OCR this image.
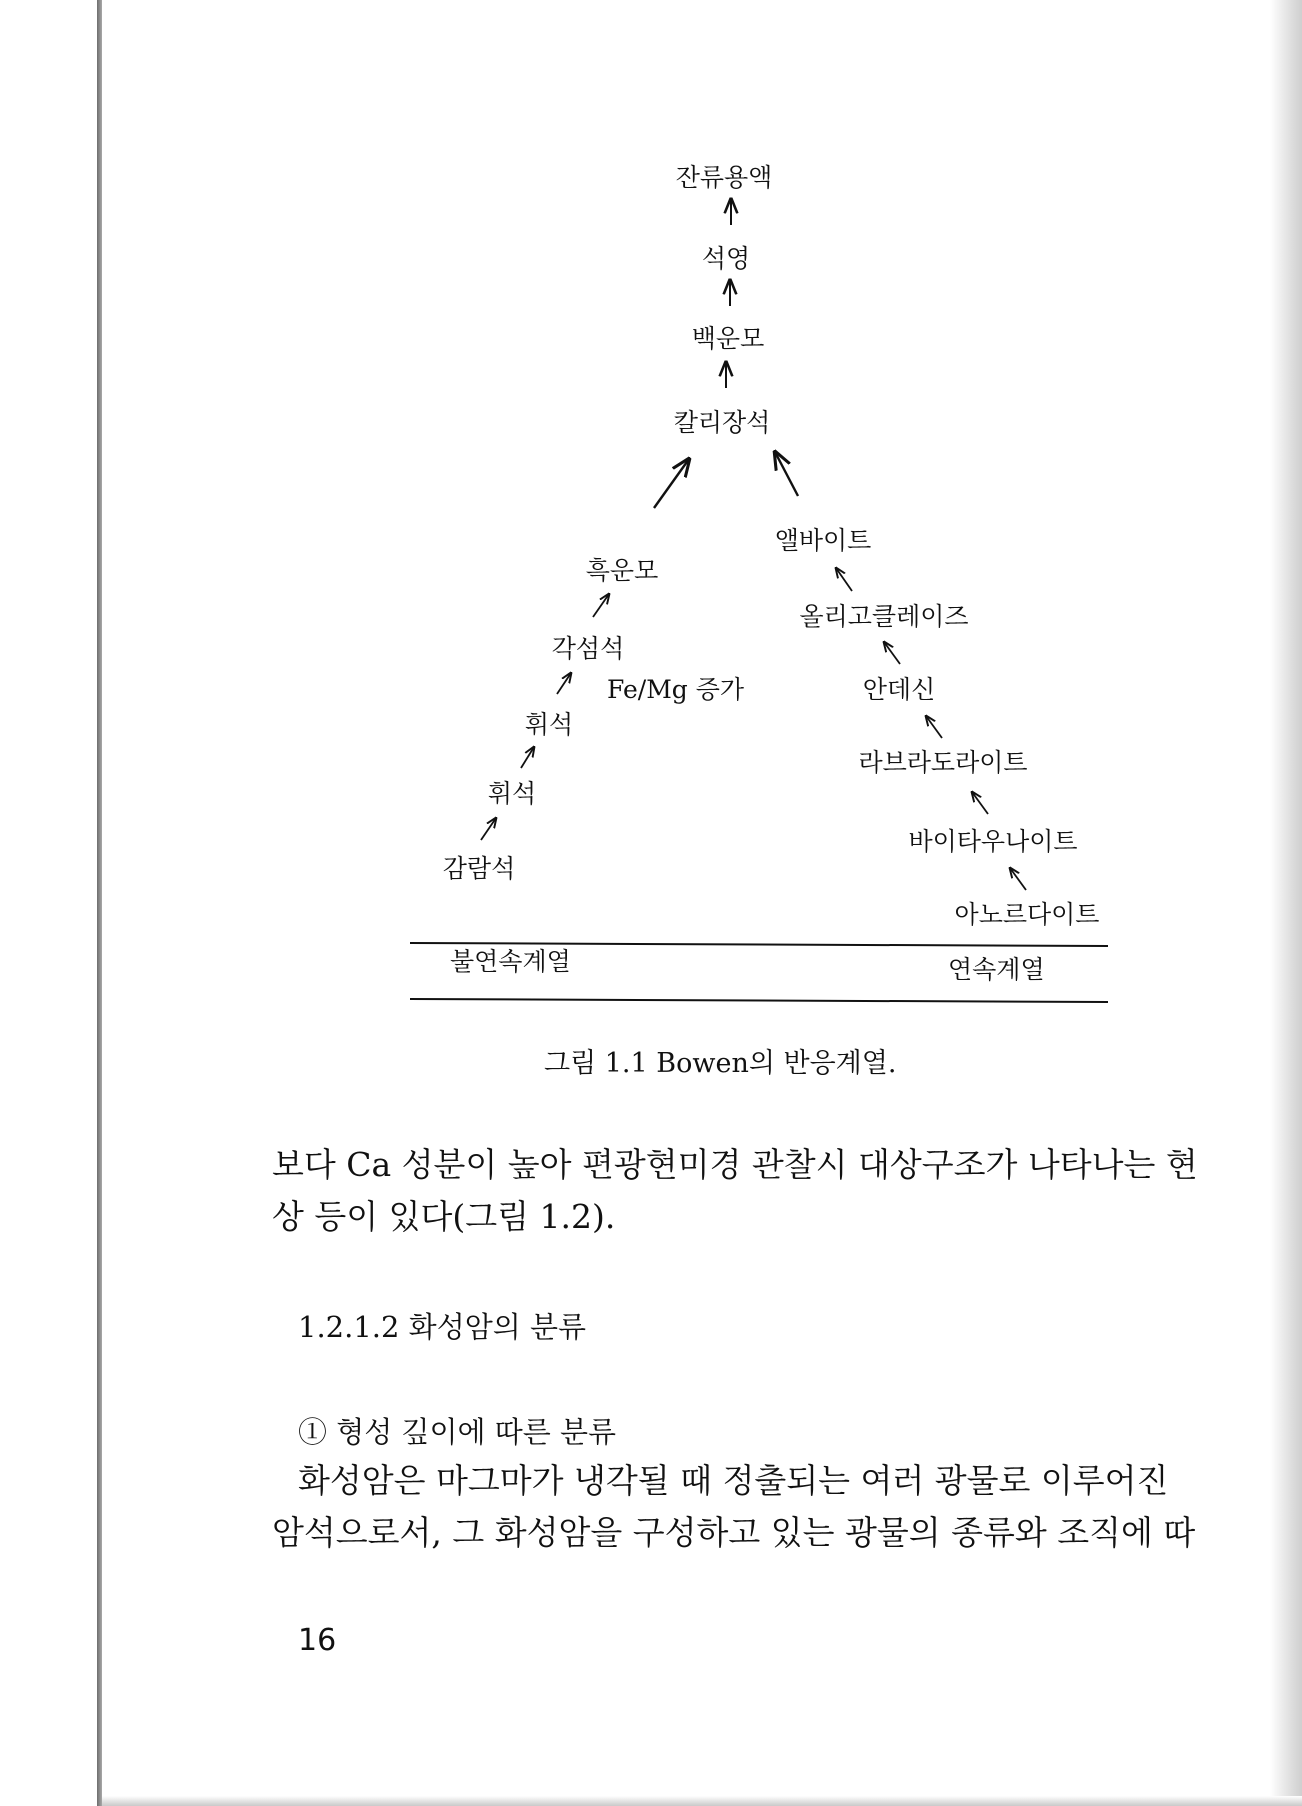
잔류용액
석영
백운모
칼리장석
흑운모
각섬석
휘석
휘석
감람석
앨바이트
올리고클레이즈
안데신
라브라도라이트
바이타우나이트
아노르다이트
Fe/Mg 증가
불연속계열	연속계열
그림 1.1 Bowen의 반응계열.
보다 Ca 성분이 높아 편광현미경 관찰시 대상구조가 나타나는 현
상 등이 있다(그림 1.2).
1.2.1.2 화성암의 분류
① 형성 깊이에 따른 분류
화성암은 마그마가 냉각될 때 정출되는 여러 광물로 이루어진
암석으로서, 그 화성암을 구성하고 있는 광물의 종류와 조직에 따
16
